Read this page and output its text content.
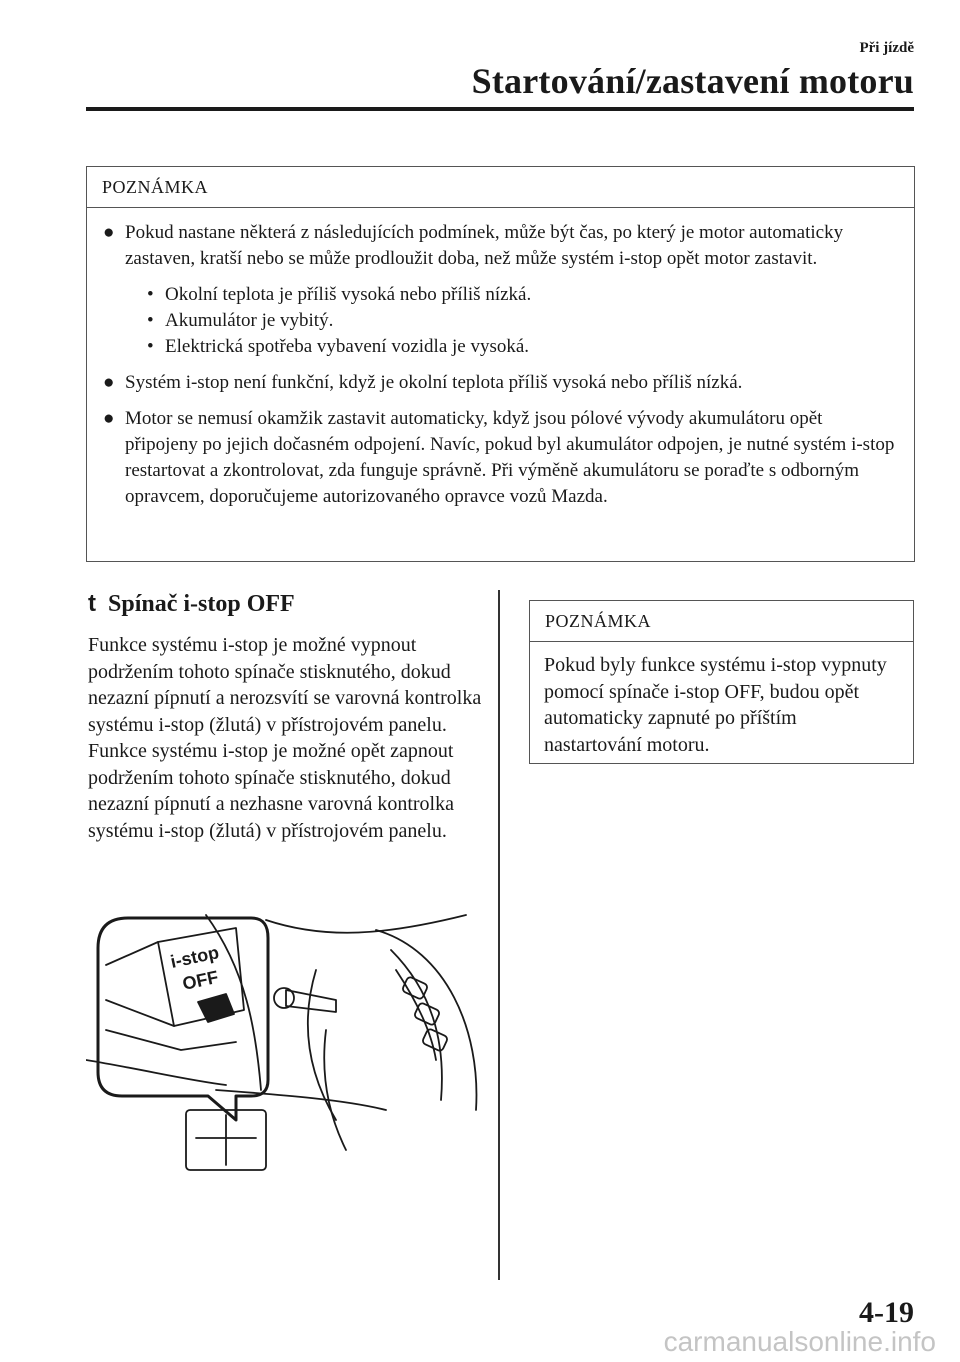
Při jízdě
Startování/zastavení motoru
POZNÁMKA
● Pokud nastane některá z následujících podmínek, může být čas, po který je motor automaticky zastaven, kratší nebo se může prodloužit doba, než může systém i-stop opět motor zastavit.
• Okolní teplota je příliš vysoká nebo příliš nízká.
• Akumulátor je vybitý.
• Elektrická spotřeba vybavení vozidla je vysoká.
● Systém i-stop není funkční, když je okolní teplota příliš vysoká nebo příliš nízká.
● Motor se nemusí okamžik zastavit automaticky, když jsou pólové vývody akumulátoru opět připojeny po jejich dočasném odpojení. Navíc, pokud byl akumulátor odpojen, je nutné systém i-stop restartovat a zkontrolovat, zda funguje správně. Při výměně akumulátoru se poraďte s odborným opravcem, doporučujeme autorizovaného opravce vozů Mazda.
t Spínač i-stop OFF
Funkce systému i-stop je možné vypnout podržením tohoto spínače stisknutého, dokud nezazní pípnutí a nerozsvítí se varovná kontrolka systému i-stop (žlutá) v přístrojovém panelu. Funkce systému i-stop je možné opět zapnout podržením tohoto spínače stisknutého, dokud nezazní pípnutí a nezhasne varovná kontrolka systému i-stop (žlutá) v přístrojovém panelu.
POZNÁMKA
Pokud byly funkce systému i-stop vypnuty pomocí spínače i-stop OFF, budou opět automaticky zapnuté po příštím nastartování motoru.
i-stop
OFF
4-19
carmanualsonline.info
